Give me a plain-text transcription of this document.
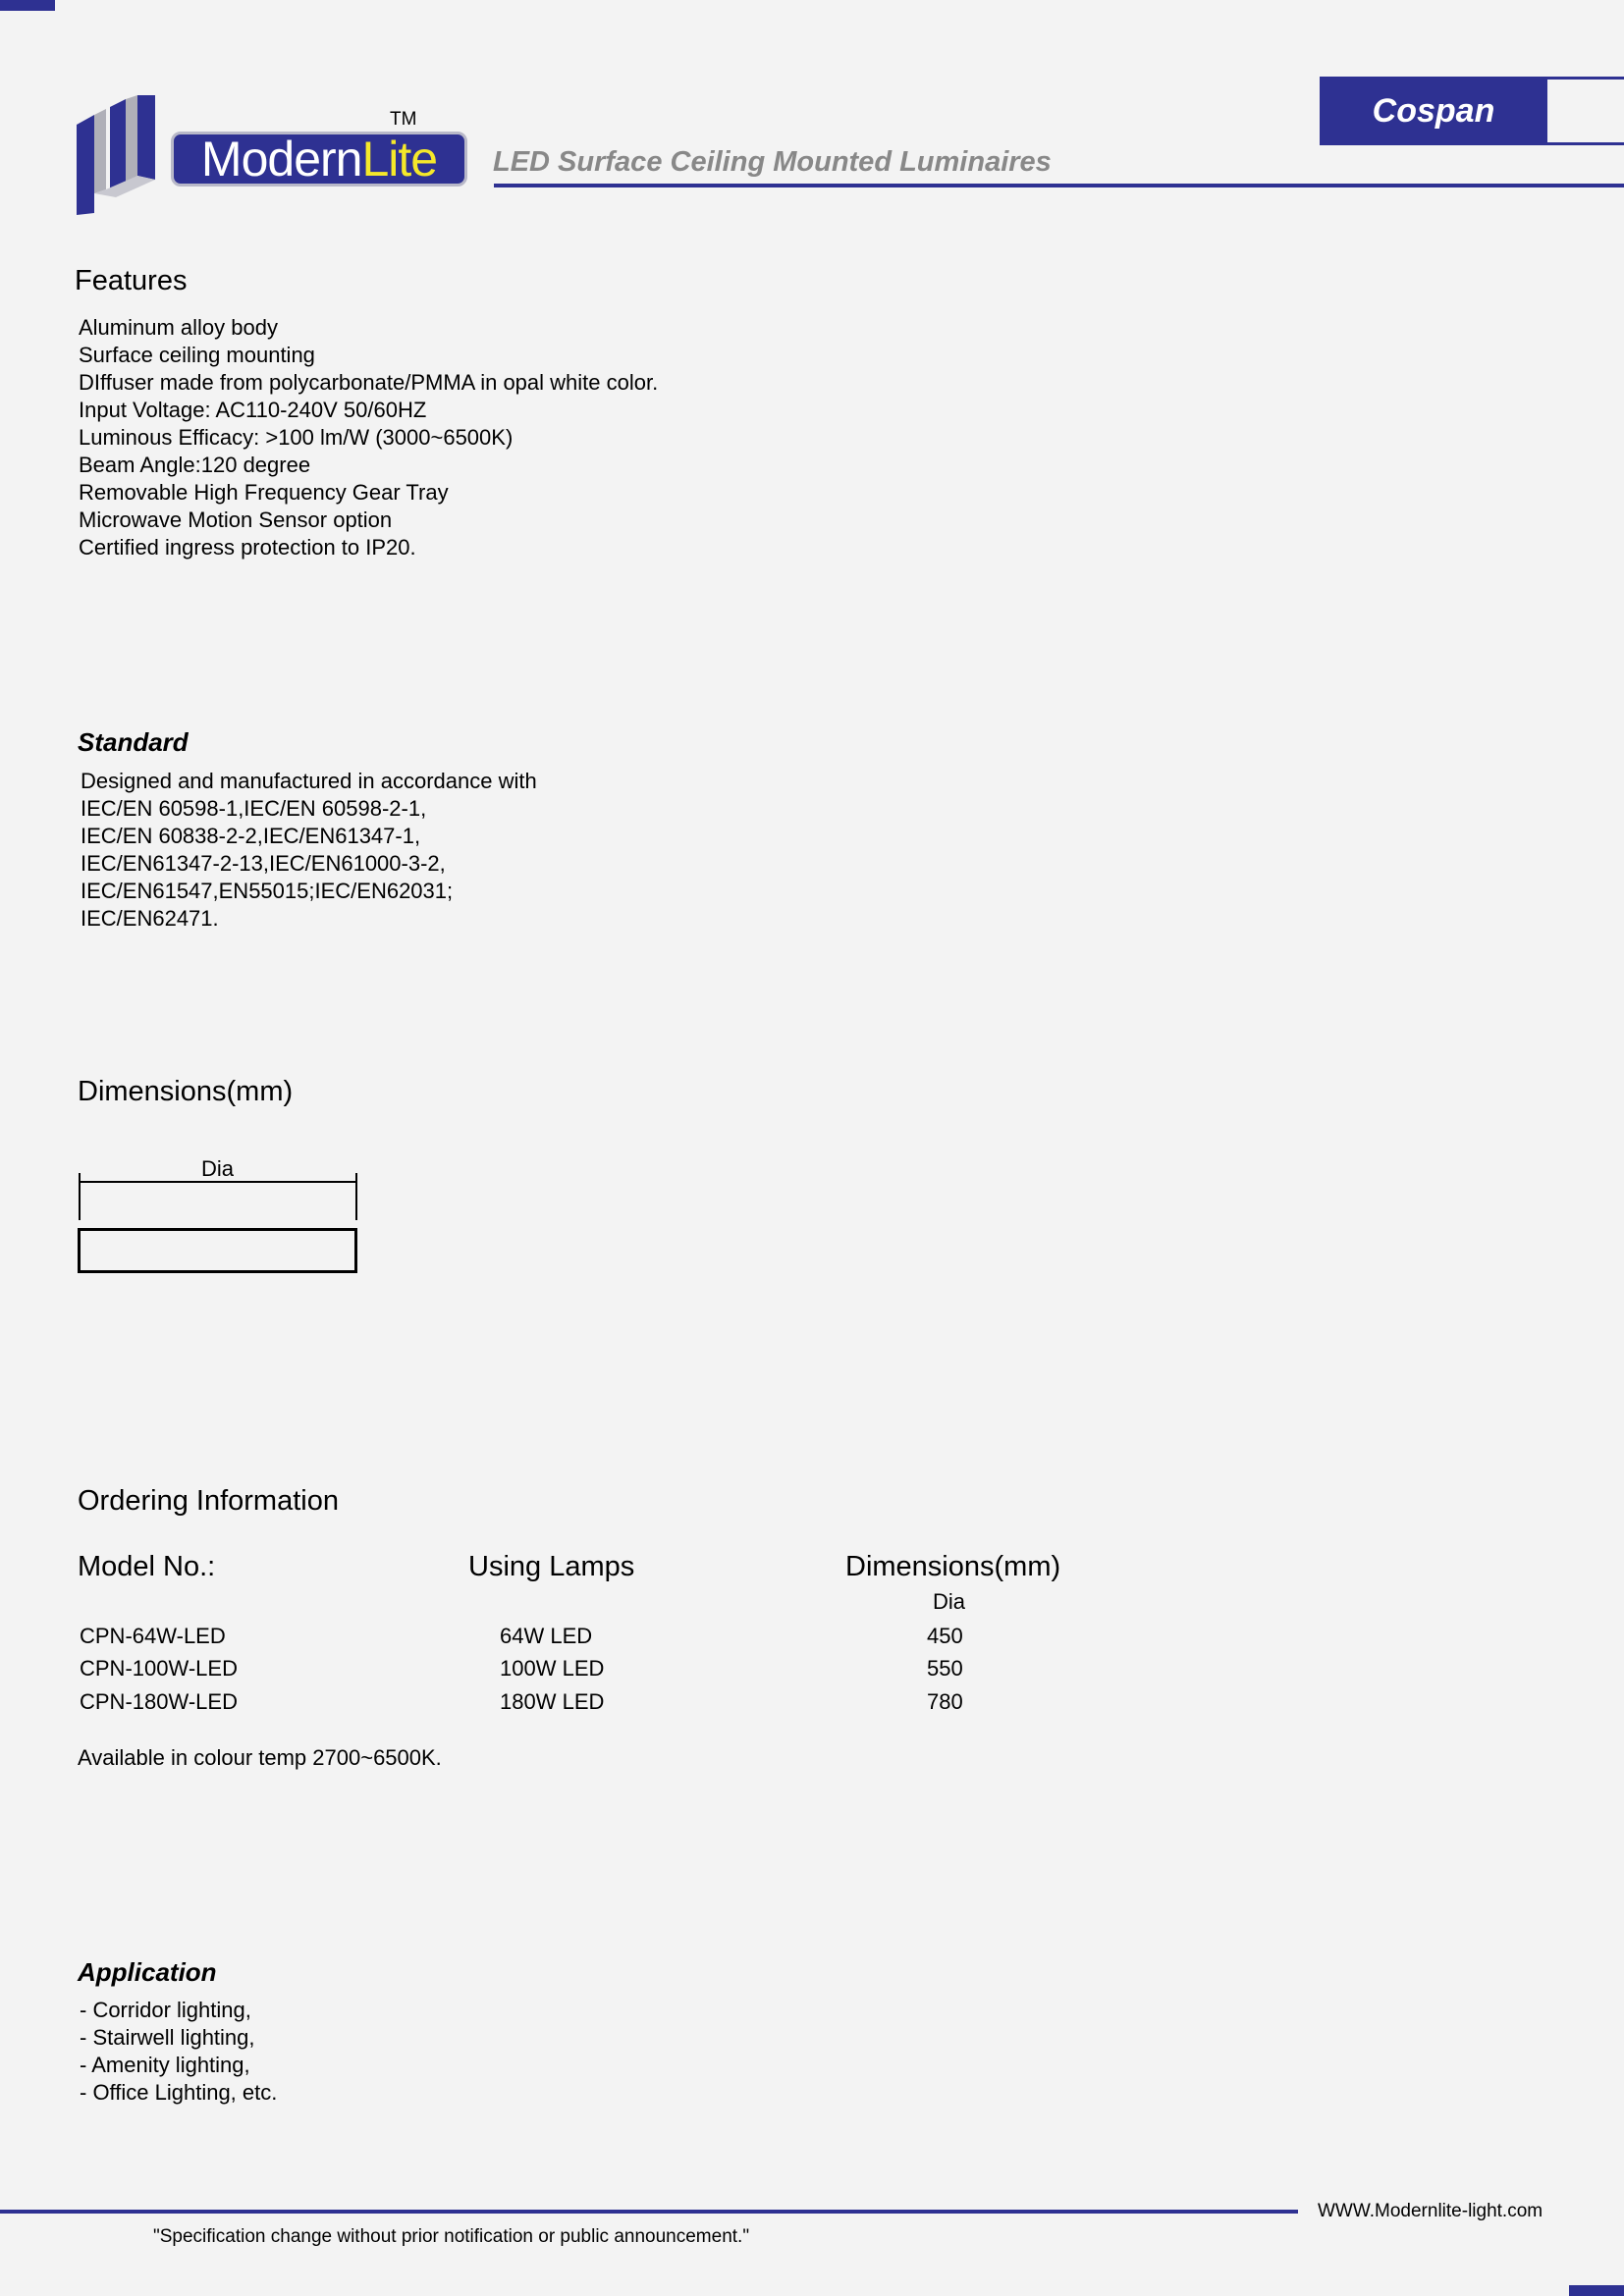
ModernLite
TM	Cospan
LED Surface Ceiling Mounted Luminaires
Features
Aluminum alloy body
Surface ceiling mounting
DIffuser made from polycarbonate/PMMA in opal white color.
Input Voltage: AC110-240V 50/60HZ
Luminous Efficacy: >100 lm/W (3000~6500K)
Beam Angle:120 degree
Removable High Frequency Gear Tray
Microwave Motion Sensor option
Certified ingress protection to IP20.
Standard
Designed and manufactured in accordance with
IEC/EN 60598-1,IEC/EN 60598-2-1,
IEC/EN 60838-2-2,IEC/EN61347-1,
IEC/EN61347-2-13,IEC/EN61000-3-2,
IEC/EN61547,EN55015;IEC/EN62031;
IEC/EN62471.
Dimensions(mm)
Dia
Ordering Information
Model No.:	Using Lamps	Dimensions(mm)
Dia
CPN-64W-LED	64W LED	450
CPN-100W-LED	100W LED	550
CPN-180W-LED	180W LED	780
Available in colour temp 2700~6500K.
Application
- Corridor lighting,
- Stairwell lighting,
- Amenity lighting,
- Office Lighting, etc.
WWW.Modernlite-light.com
"Specification change without prior notification or public announcement."
